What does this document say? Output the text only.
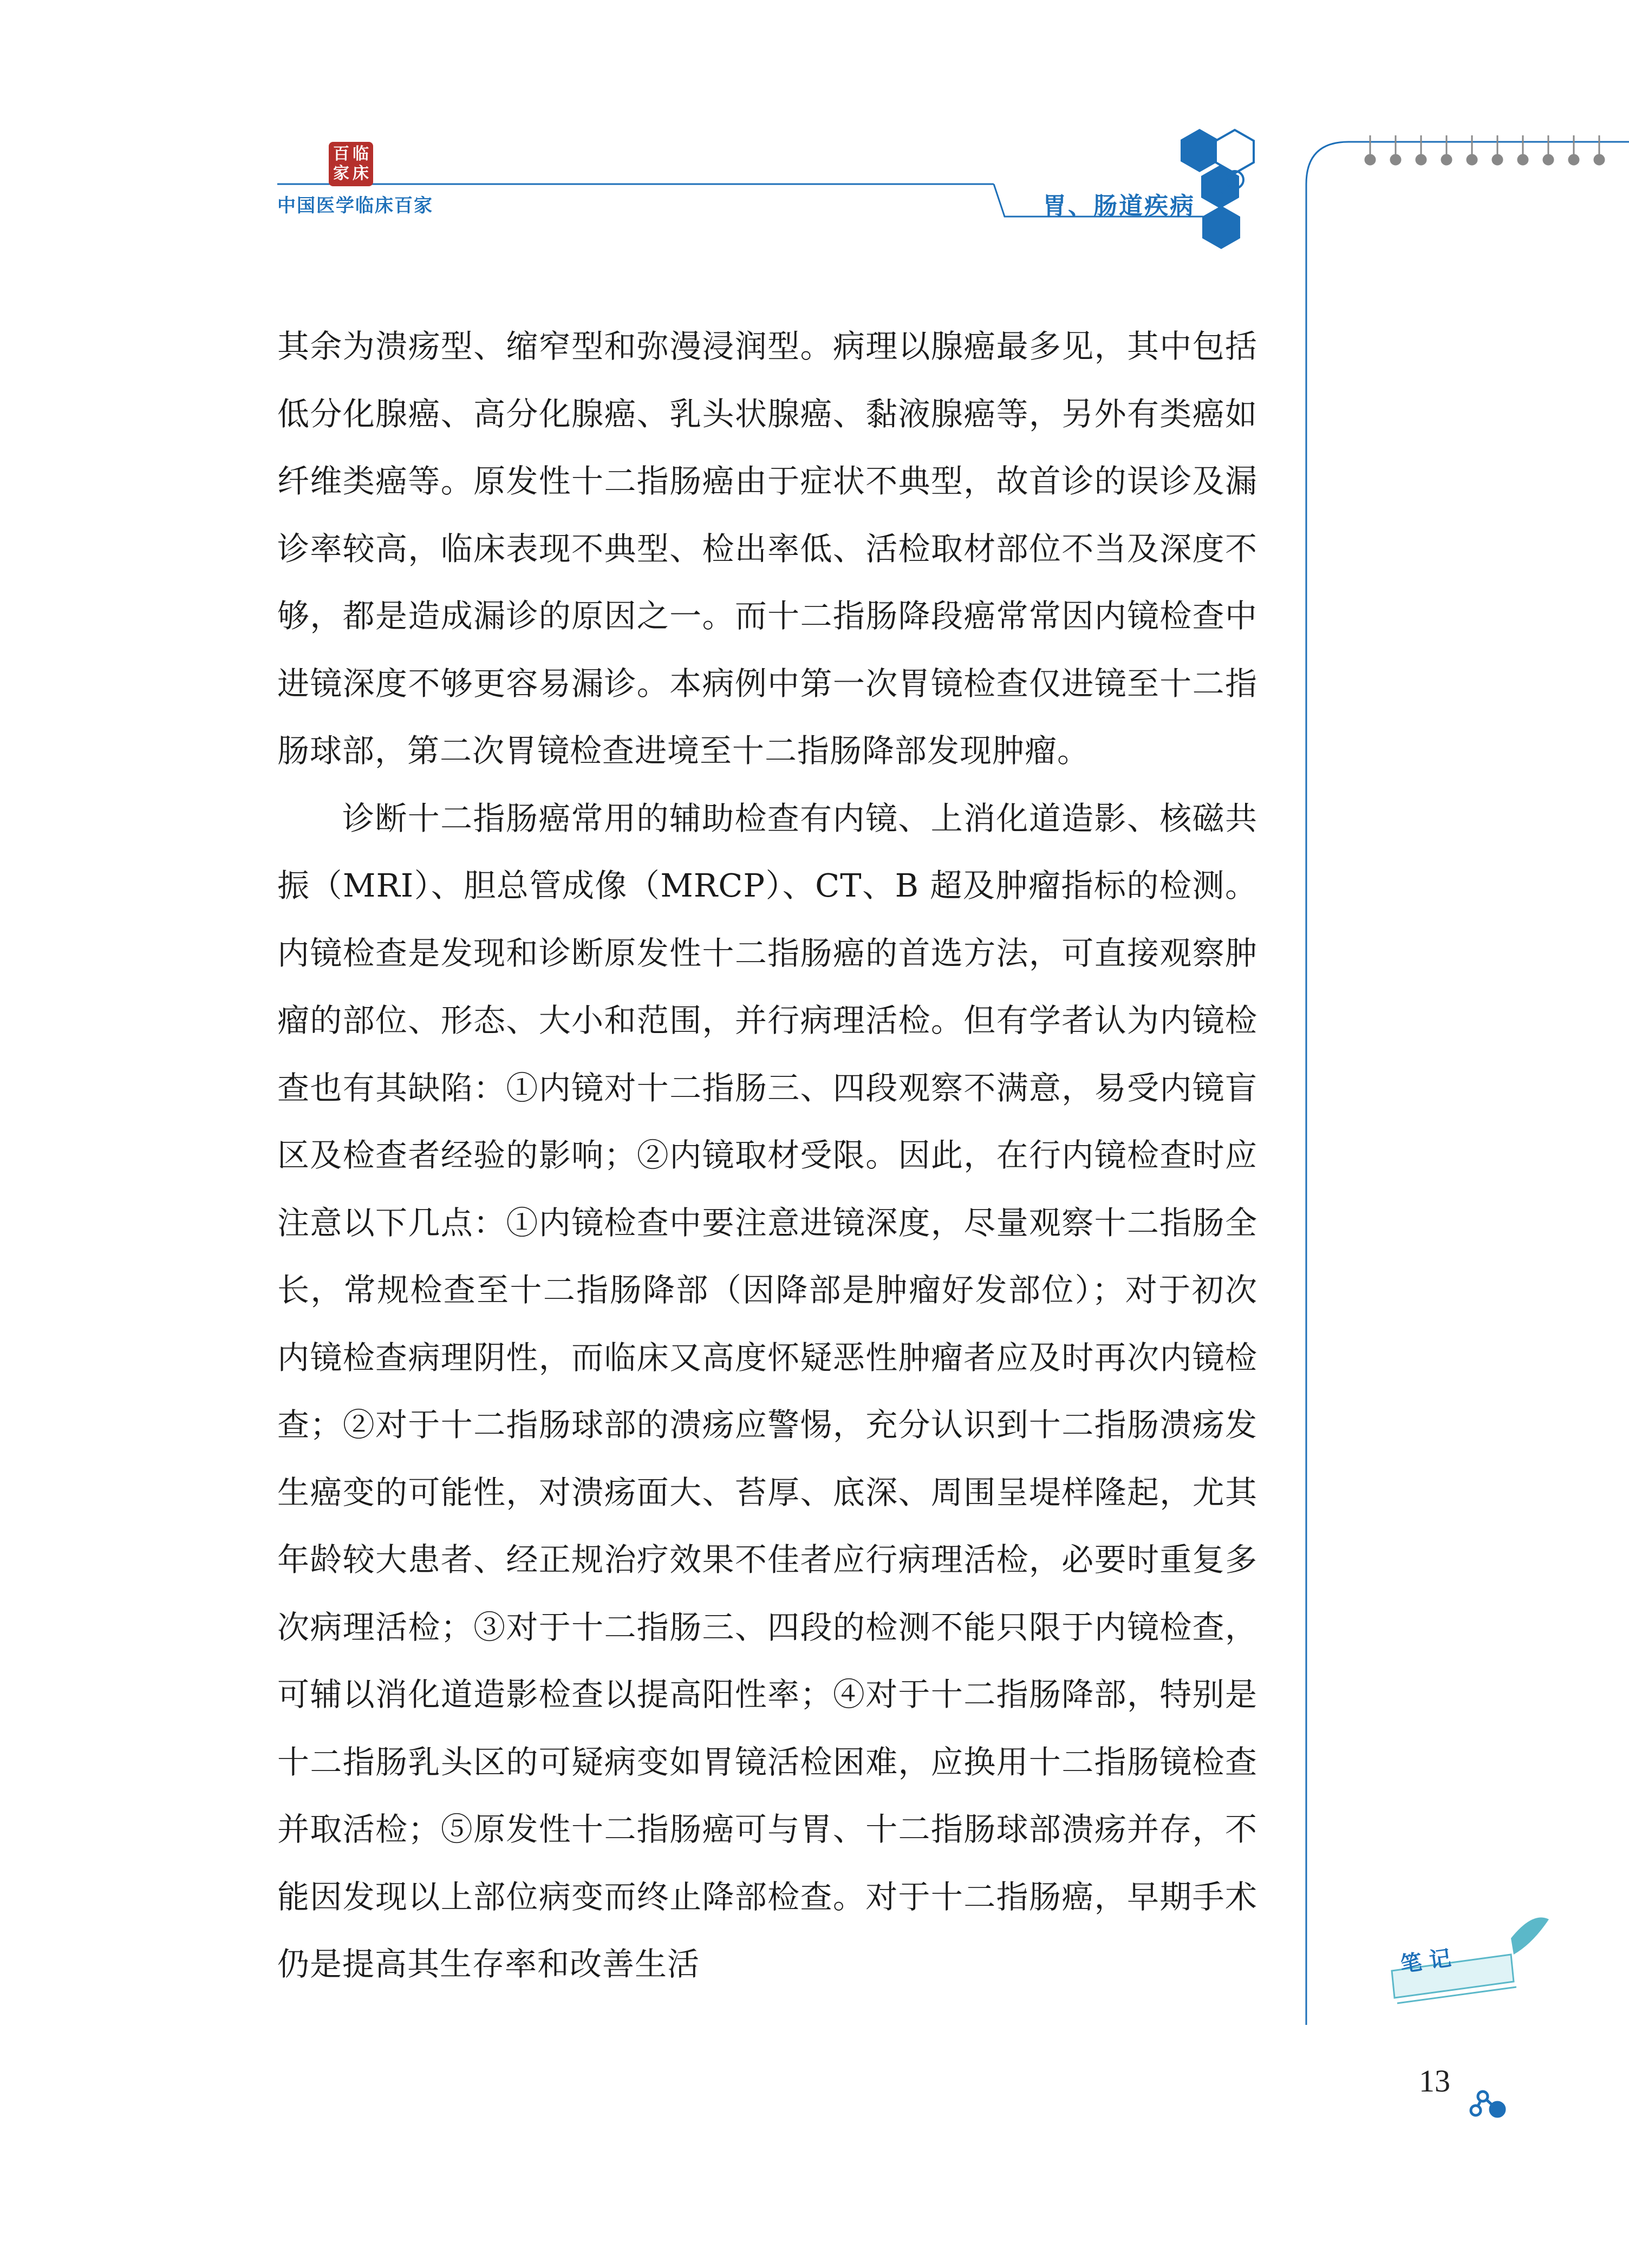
百 临
家 床
中国医学临床百家	胃、肠道疾病

其余为溃疡型、缩窄型和弥漫浸润型。病理以腺癌最多见，其中包括低分化腺癌、高分化腺癌、乳头状腺癌、黏液腺癌等，另外有类癌如纤维类癌等。原发性十二指肠癌由于症状不典型，故首诊的误诊及漏诊率较高，临床表现不典型、检出率低、活检取材部位不当及深度不够，都是造成漏诊的原因之一。而十二指肠降段癌常常因内镜检查中进镜深度不够更容易漏诊。本病例中第一次胃镜检查仅进镜至十二指肠球部，第二次胃镜检查进境至十二指肠降部发现肿瘤。

诊断十二指肠癌常用的辅助检查有内镜、上消化道造影、核磁共振（MRI）、胆总管成像（MRCP）、CT、B 超及肿瘤指标的检测。内镜检查是发现和诊断原发性十二指肠癌的首选方法，可直接观察肿瘤的部位、形态、大小和范围，并行病理活检。但有学者认为内镜检查也有其缺陷：①内镜对十二指肠三、四段观察不满意，易受内镜盲区及检查者经验的影响；②内镜取材受限。因此，在行内镜检查时应注意以下几点：①内镜检查中要注意进镜深度，尽量观察十二指肠全长，常规检查至十二指肠降部（因降部是肿瘤好发部位）；对于初次内镜检查病理阴性，而临床又高度怀疑恶性肿瘤者应及时再次内镜检查；②对于十二指肠球部的溃疡应警惕，充分认识到十二指肠溃疡发生癌变的可能性，对溃疡面大、苔厚、底深、周围呈堤样隆起，尤其年龄较大患者、经正规治疗效果不佳者应行病理活检，必要时重复多次病理活检；③对于十二指肠三、四段的检测不能只限于内镜检查，可辅以消化道造影检查以提高阳性率；④对于十二指肠降部，特别是十二指肠乳头区的可疑病变如胃镜活检困难，应换用十二指肠镜检查并取活检；⑤原发性十二指肠癌可与胃、十二指肠球部溃疡并存，不能因发现以上部位病变而终止降部检查。对于十二指肠癌，早期手术仍是提高其生存率和改善生活	笔记
13
